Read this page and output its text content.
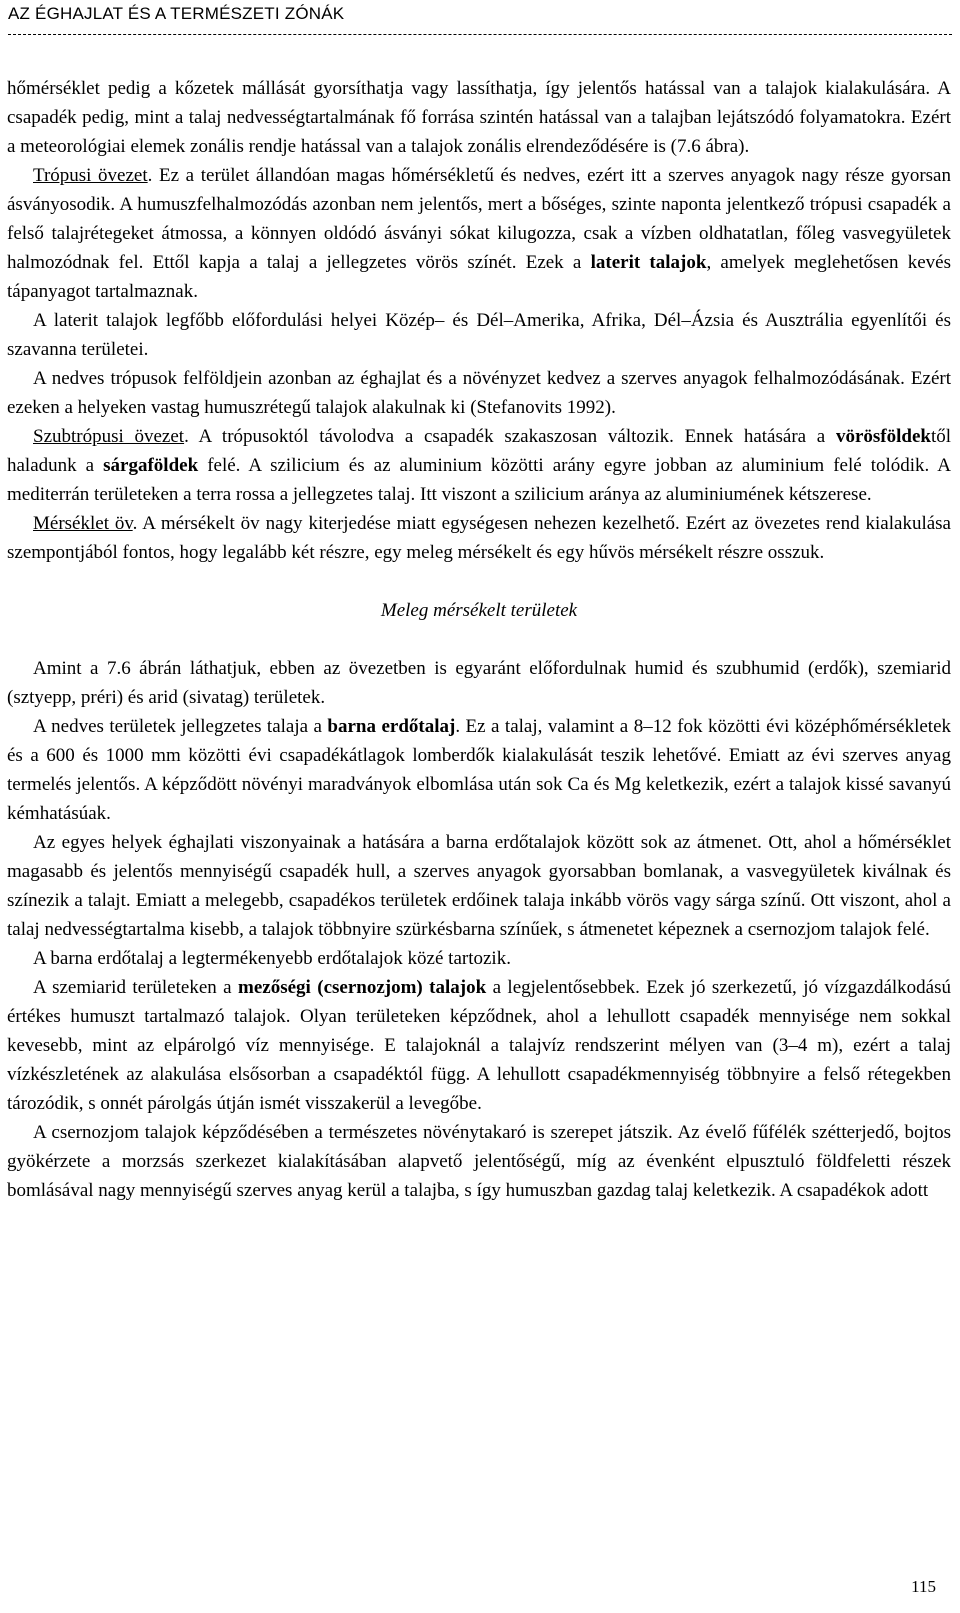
AZ ÉGHAJLAT ÉS A TERMÉSZETI ZÓNÁK

hőmérséklet pedig a kőzetek mállását gyorsíthatja vagy lassíthatja, így jelentős hatással van a talajok kialakulására. A csapadék pedig, mint a talaj nedvességtartalmának fő forrása szintén hatással van a talajban lejátszódó folyamatokra. Ezért a meteorológiai elemek zonális rendje hatással van a talajok zonális elrendeződésére is (7.6 ábra).

Trópusi övezet. Ez a terület állandóan magas hőmérsékletű és nedves, ezért itt a szerves anyagok nagy része gyorsan ásványosodik. A humuszfelhalmozódás azonban nem jelentős, mert a bőséges, szinte naponta jelentkező trópusi csapadék a felső talajrétegeket átmossa, a könnyen oldódó ásványi sókat kilugozza, csak a vízben oldhatatlan, főleg vasvegyületek halmozódnak fel. Ettől kapja a talaj a jellegzetes vörös színét. Ezek a laterit talajok, amelyek meglehetősen kevés tápanyagot tartalmaznak.

A laterit talajok legfőbb előfordulási helyei Közép– és Dél–Amerika, Afrika, Dél–Ázsia és Ausztrália egyenlítői és szavanna területei.

A nedves trópusok felföldjein azonban az éghajlat és a növényzet kedvez a szerves anyagok felhalmozódásának. Ezért ezeken a helyeken vastag humuszrétegű talajok alakulnak ki (Stefanovits 1992).

Szubtrópusi övezet. A trópusoktól távolodva a csapadék szakaszosan változik. Ennek hatására a vörösföldektől haladunk a sárgaföldek felé. A szilicium és az aluminium közötti arány egyre jobban az aluminium felé tolódik. A mediterrán területeken a terra rossa a jellegzetes talaj. Itt viszont a szilicium aránya az aluminiumének kétszerese.

Mérséklet öv. A mérsékelt öv nagy kiterjedése miatt egységesen nehezen kezelhető. Ezért az övezetes rend kialakulása szempontjából fontos, hogy legalább két részre, egy meleg mérsékelt és egy hűvös mérsékelt részre osszuk.

Meleg mérsékelt területek

Amint a 7.6 ábrán láthatjuk, ebben az övezetben is egyaránt előfordulnak humid és szubhumid (erdők), szemiarid (sztyepp, préri) és arid (sivatag) területek.

A nedves területek jellegzetes talaja a barna erdőtalaj. Ez a talaj, valamint a 8–12 fok közötti évi középhőmérsékletek és a 600 és 1000 mm közötti évi csapadékátlagok lomberdők kialakulását teszik lehetővé. Emiatt az évi szerves anyag termelés jelentős. A képződött növényi maradványok elbomlása után sok Ca és Mg keletkezik, ezért a talajok kissé savanyú kémhatásúak.

Az egyes helyek éghajlati viszonyainak a hatására a barna erdőtalajok között sok az átmenet. Ott, ahol a hőmérséklet magasabb és jelentős mennyiségű csapadék hull, a szerves anyagok gyorsabban bomlanak, a vasvegyületek kiválnak és színezik a talajt. Emiatt a melegebb, csapadékos területek erdőinek talaja inkább vörös vagy sárga színű. Ott viszont, ahol a talaj nedvességtartalma kisebb, a talajok többnyire szürkésbarna színűek, s átmenetet képeznek a csernozjom talajok felé.

A barna erdőtalaj a legtermékenyebb erdőtalajok közé tartozik.

A szemiarid területeken a mezőségi (csernozjom) talajok a legjelentősebbek. Ezek jó szerkezetű, jó vízgazdálkodású értékes humuszt tartalmazó talajok. Olyan területeken képződnek, ahol a lehullott csapadék mennyisége nem sokkal kevesebb, mint az elpárolgó víz mennyisége. E talajoknál a talajvíz rendszerint mélyen van (3–4 m), ezért a talaj vízkészletének az alakulása elsősorban a csapadéktól függ. A lehullott csapadékmennyiség többnyire a felső rétegekben tározódik, s onnét párolgás útján ismét visszakerül a levegőbe.

A csernozjom talajok képződésében a természetes növénytakaró is szerepet játszik. Az évelő fűfélék szétterjedő, bojtos gyökérzete a morzsás szerkezet kialakításában alapvető jelentőségű, míg az évenként elpusztuló földfeletti részek bomlásával nagy mennyiségű szerves anyag kerül a talajba, s így humuszban gazdag talaj keletkezik. A csapadékok adott

115
